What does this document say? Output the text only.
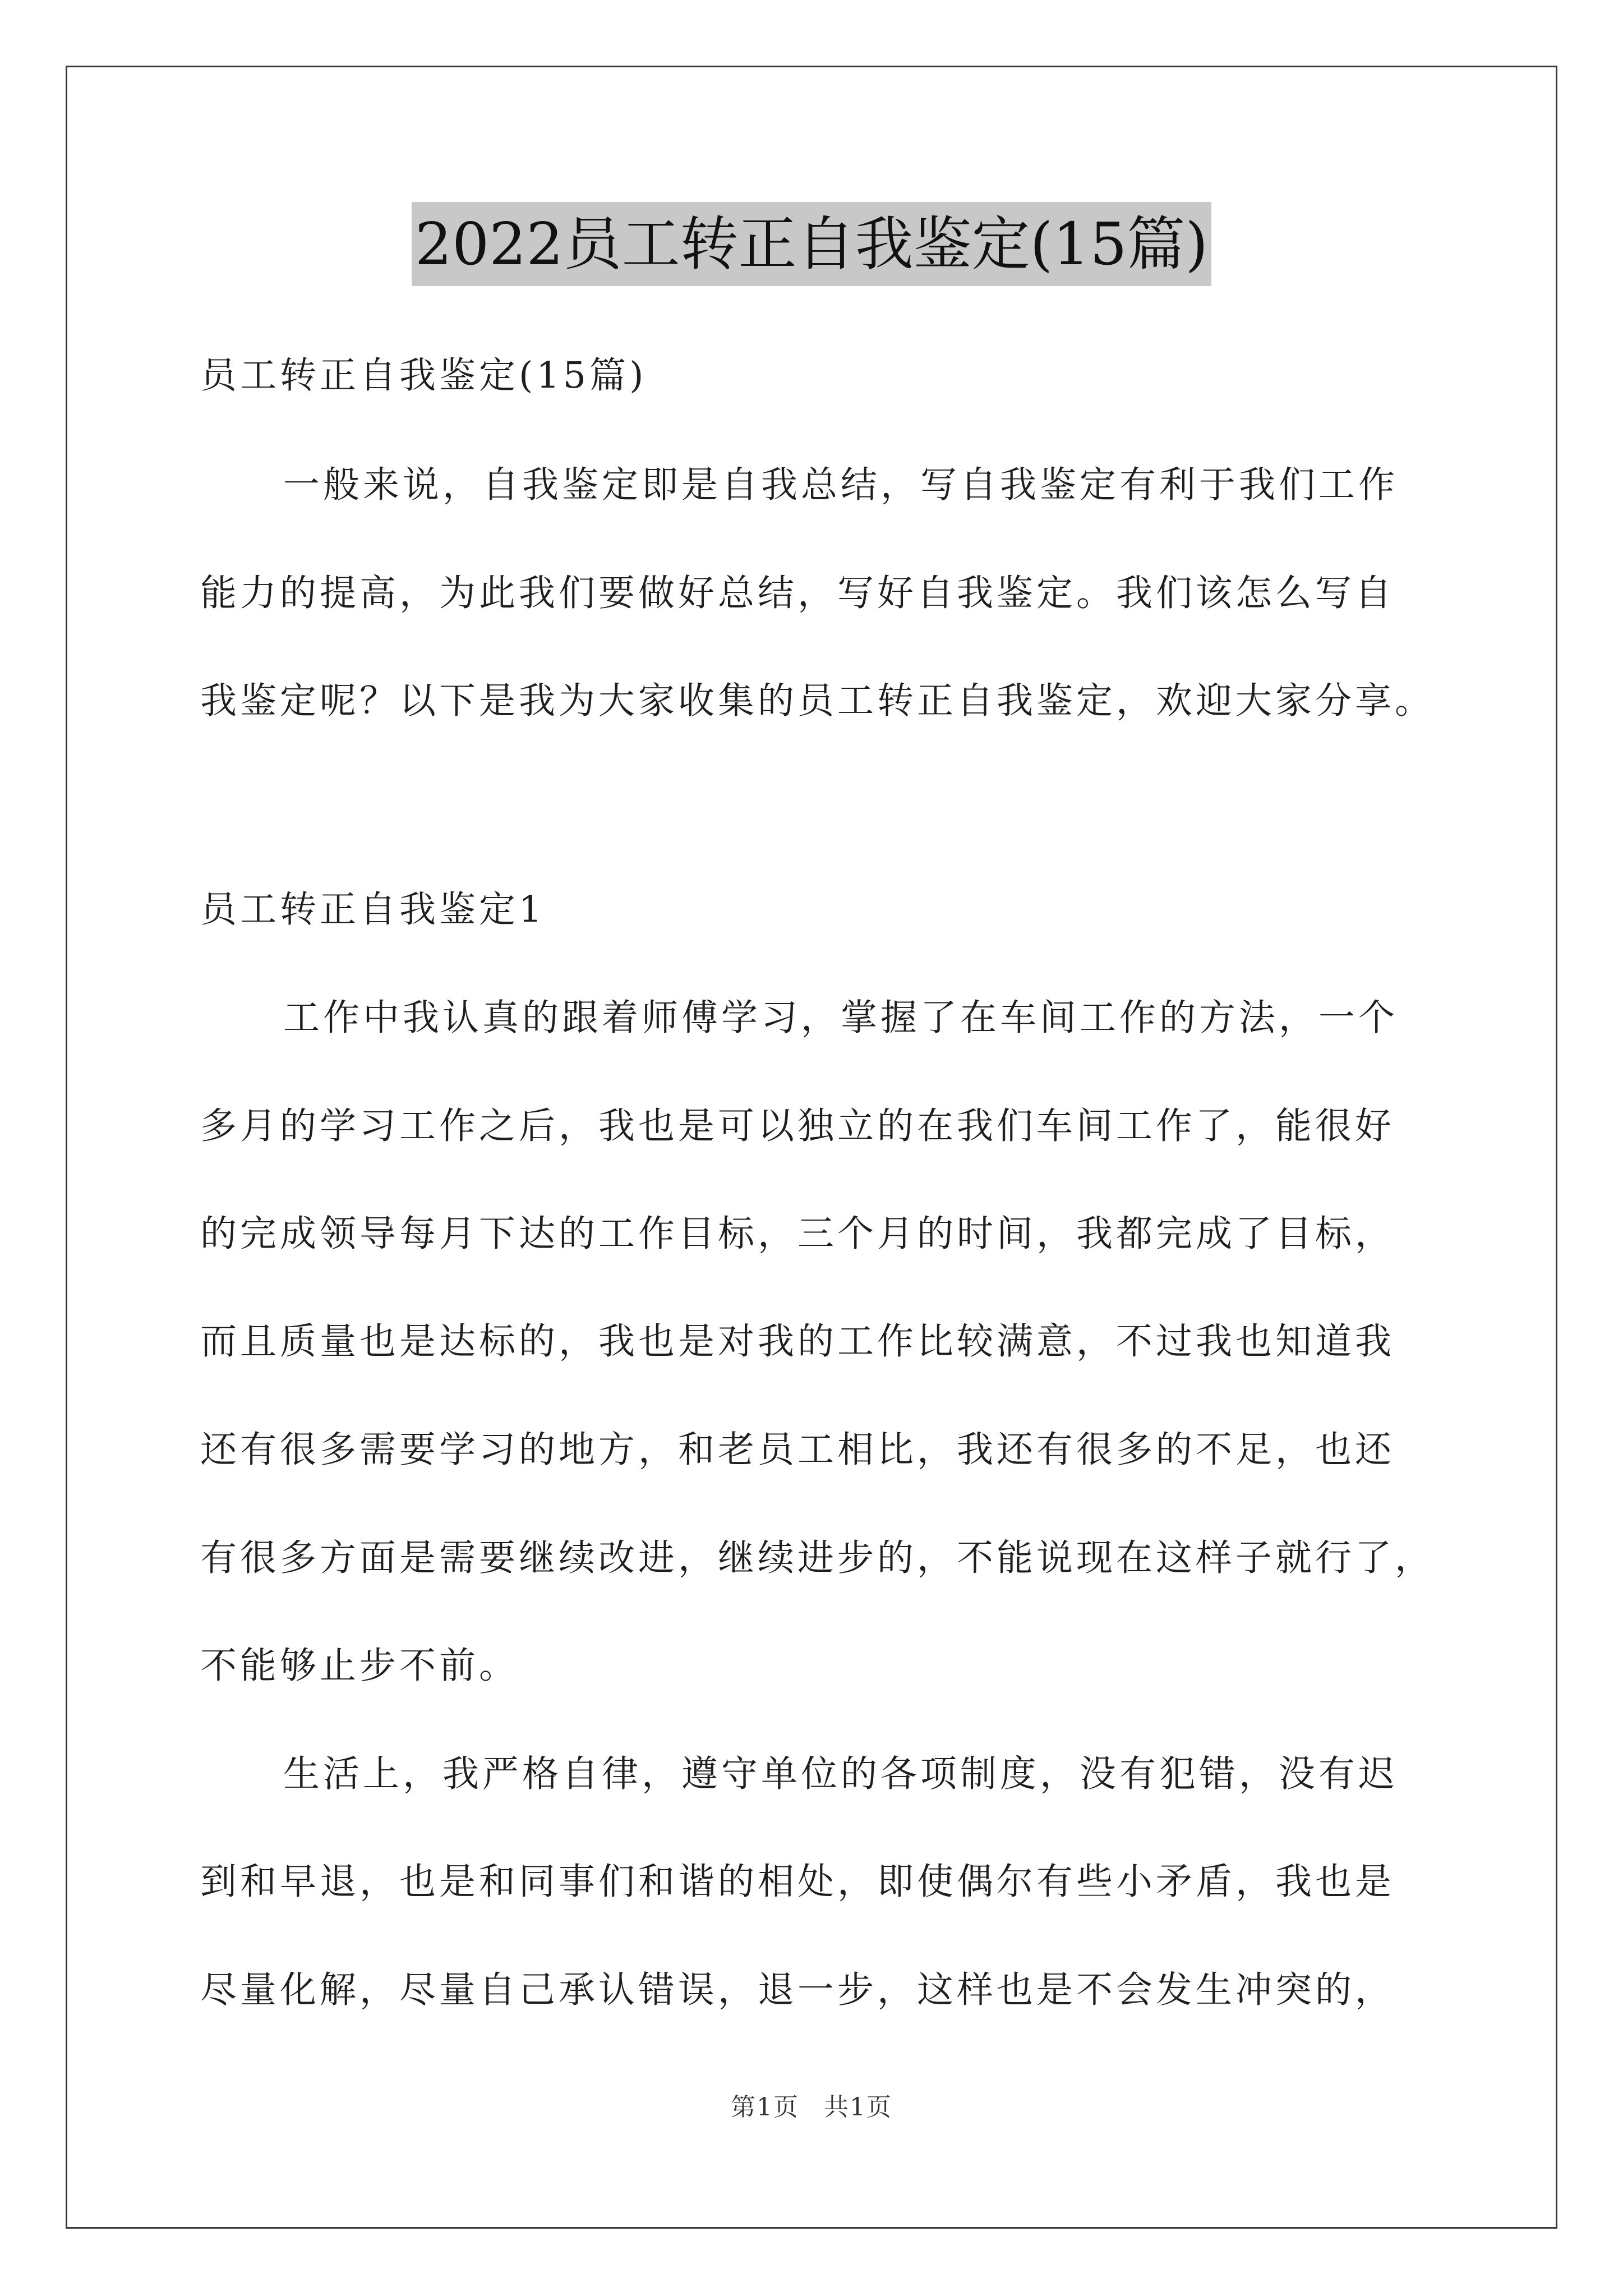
2022员工转正自我鉴定(15篇)
员工转正自我鉴定(15篇)
一般来说，自我鉴定即是自我总结，写自我鉴定有利于我们工作
能力的提高，为此我们要做好总结，写好自我鉴定。我们该怎么写自
我鉴定呢？以下是我为大家收集的员工转正自我鉴定，欢迎大家分享。
员工转正自我鉴定1
工作中我认真的跟着师傅学习，掌握了在车间工作的方法，一个
多月的学习工作之后，我也是可以独立的在我们车间工作了，能很好
的完成领导每月下达的工作目标，三个月的时间，我都完成了目标，
而且质量也是达标的，我也是对我的工作比较满意，不过我也知道我
还有很多需要学习的地方，和老员工相比，我还有很多的不足，也还
有很多方面是需要继续改进，继续进步的，不能说现在这样子就行了，
不能够止步不前。
生活上，我严格自律，遵守单位的各项制度，没有犯错，没有迟
到和早退，也是和同事们和谐的相处，即使偶尔有些小矛盾，我也是
尽量化解，尽量自己承认错误，退一步，这样也是不会发生冲突的，
第1页 共1页
